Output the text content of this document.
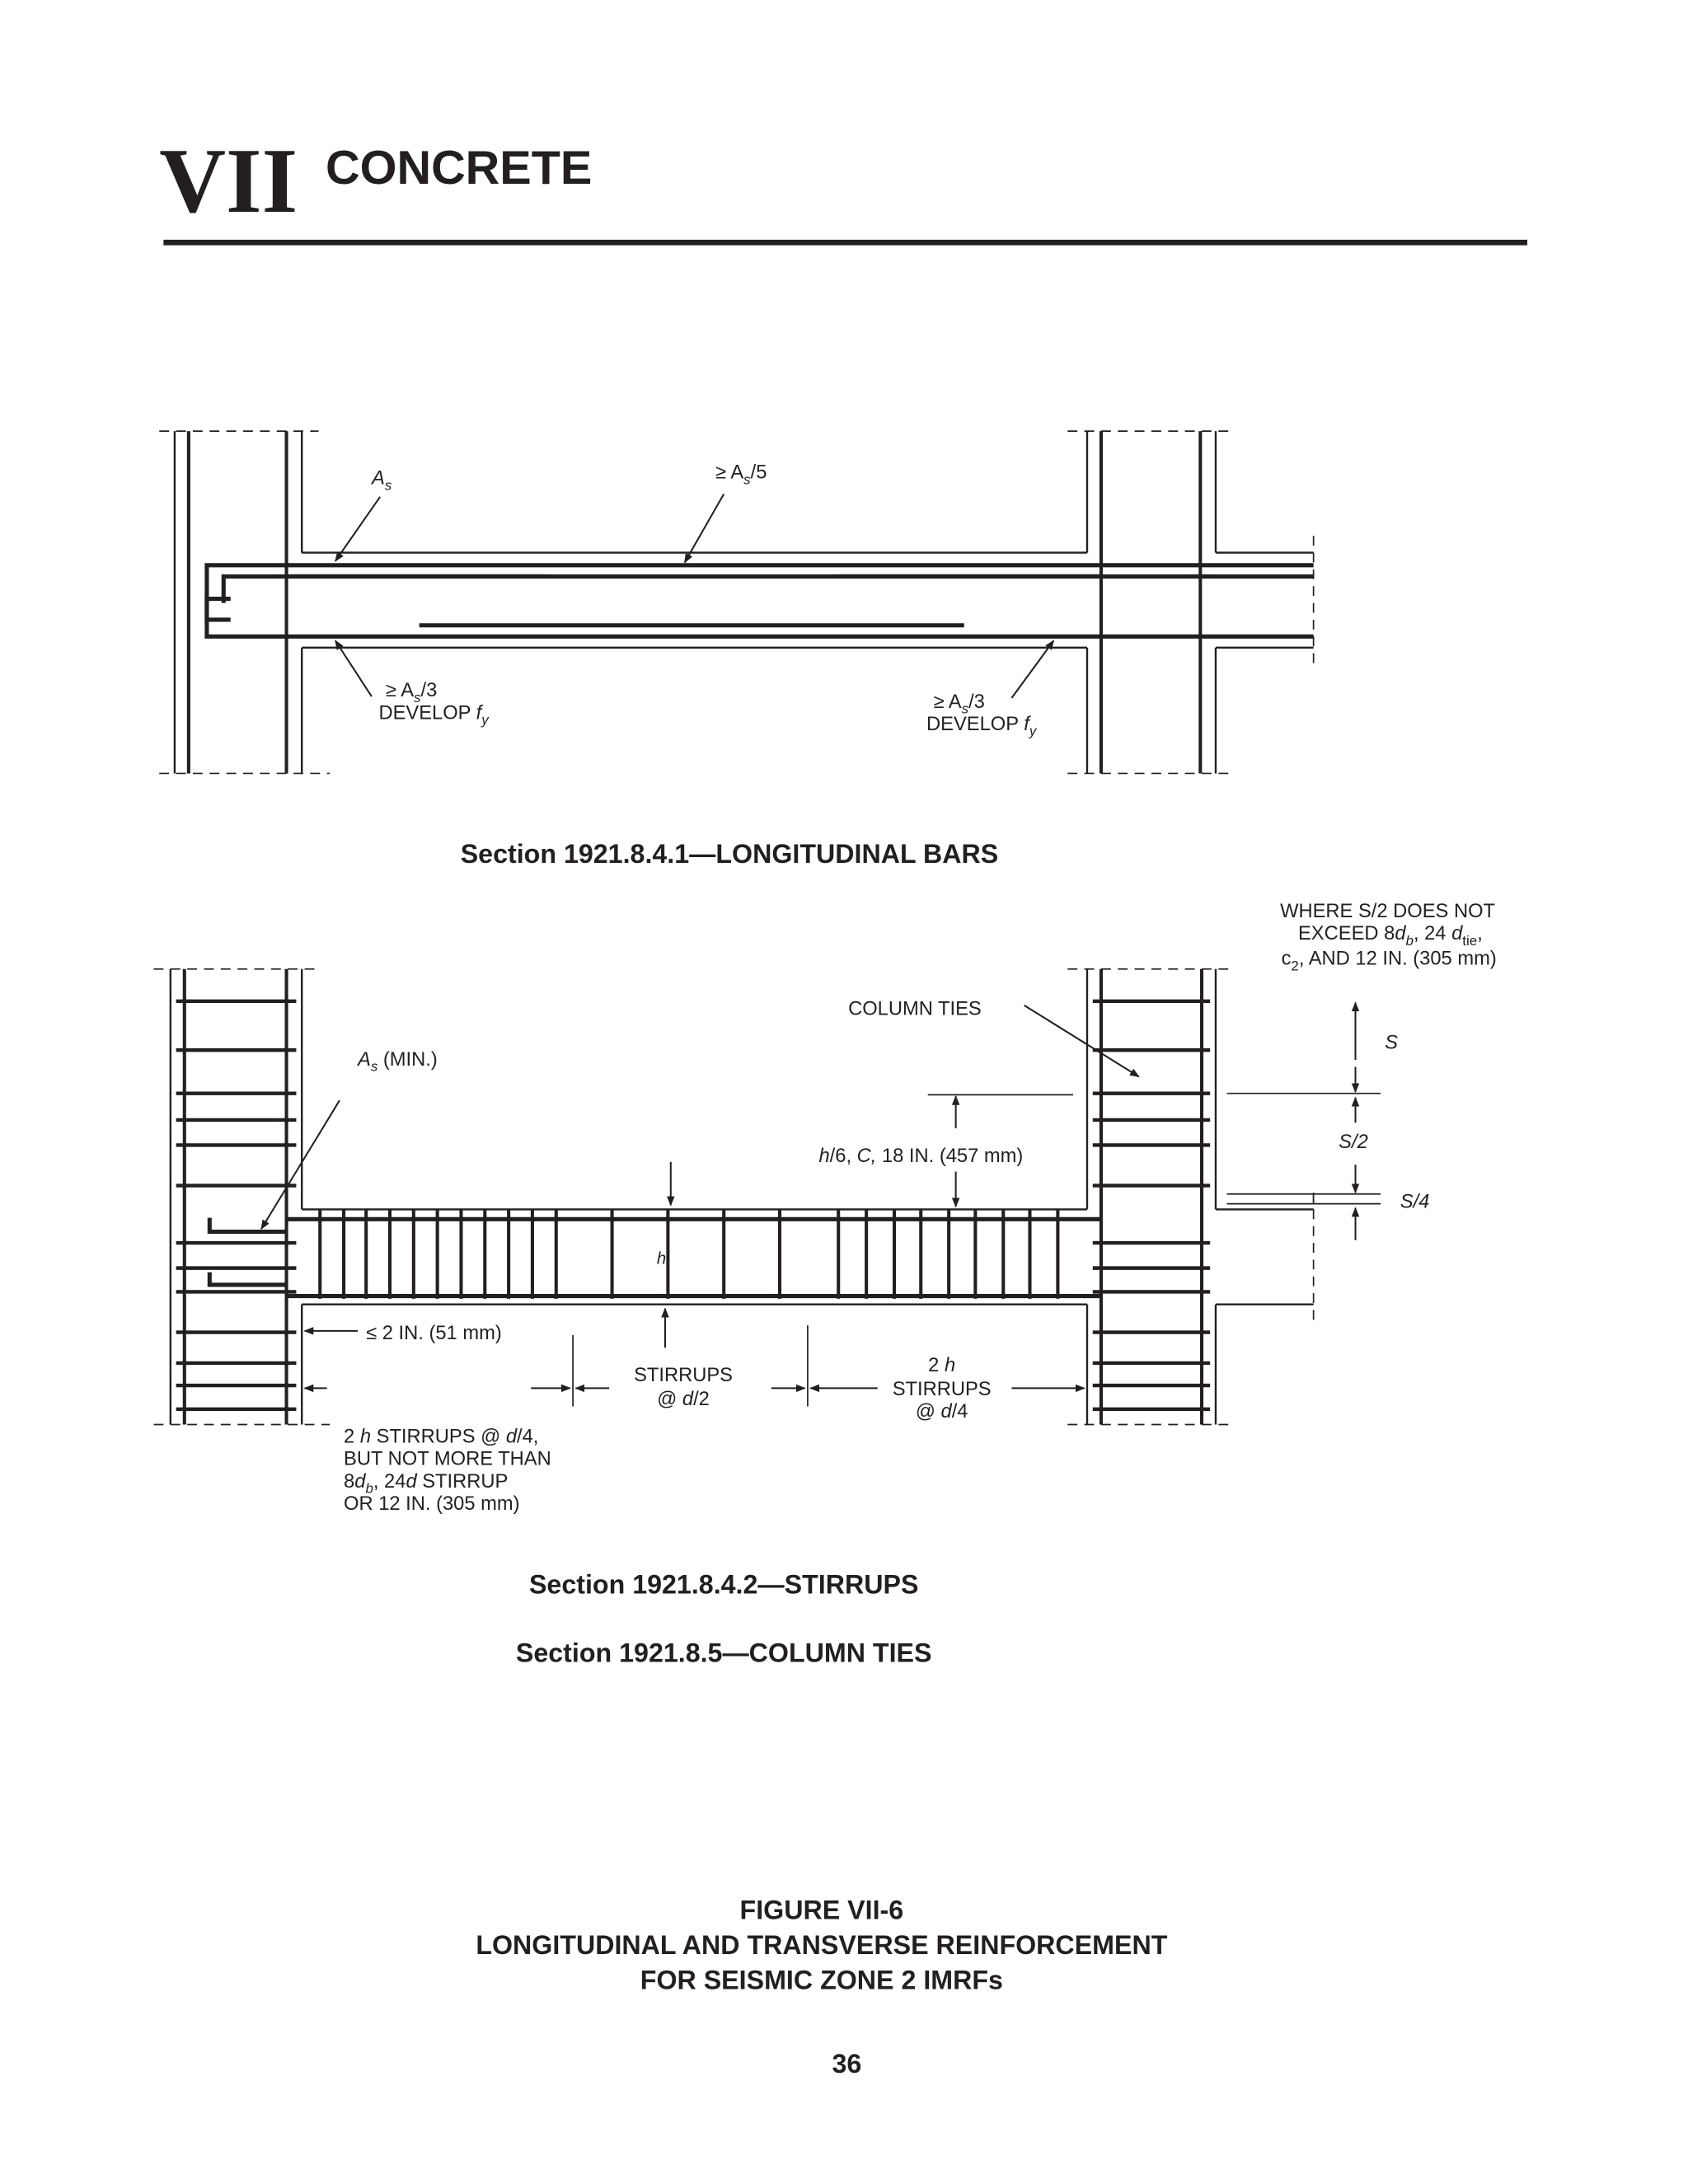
VII CONCRETE
$A_s$
≥ $A_s/5$
≥ $A_s/3$
DEVELOP $f_y$
≥ $A_s/3$
DEVELOP $f_y$
Section 1921.8.4.1—LONGITUDINAL BARS
WHERE S/2 DOES NOT
EXCEED $8d_b$, 24 $d_{tie}$,
$c_2$, AND 12 IN. (305 mm)
COLUMN TIES
$A_s$ (MIN.)
h/6, C, 18 IN. (457 mm)
h
S
S/2
S/4
≤ 2 IN. (51 mm)
STIRRUPS
@ d/2
2 h
STIRRUPS
@ d/4
2 h STIRRUPS @ d/4,
BUT NOT MORE THAN
$8d_b$, 24d STIRRUP
OR 12 IN. (305 mm)
Section 1921.8.4.2—STIRRUPS
Section 1921.8.5—COLUMN TIES
FIGURE VII-6
LONGITUDINAL AND TRANSVERSE REINFORCEMENT
FOR SEISMIC ZONE 2 IMRFs
36
